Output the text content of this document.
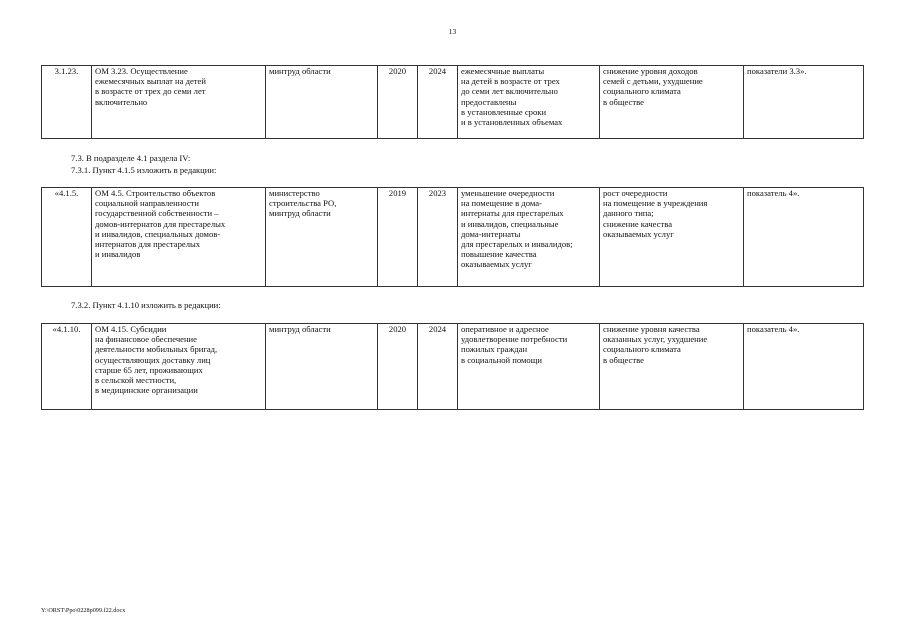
13
3.1.23.	ОМ 3.23. Осуществление
ежемесячных выплат на детей
в возрасте от трех до семи лет
включительно	минтруд области	2020	2024	ежемесячные выплаты
на детей в возрасте от трех
до семи лет включительно
предоставлены
в установленные сроки
и в установленных объемах	снижение уровня доходов
семей с детьми, ухудшение
социального климата
в обществе	показатели 3.3».
7.3. В подразделе 4.1 раздела IV:
7.3.1. Пункт 4.1.5 изложить в редакции:
«4.1.5.	ОМ 4.5. Строительство объектов
социальной направленности
государственной собственности –
домов-интернатов для престарелых
и инвалидов, специальных домов-
интернатов для престарелых
и инвалидов	министерство
строительства РО,
минтруд области	2019	2023	уменьшение очередности
на помещение в дома-
интернаты для престарелых
и инвалидов, специальные
дома-интернаты
для престарелых и инвалидов;
повышение качества
оказываемых услуг	рост очередности
на помещение в учреждения
данного типа;
снижение качества
оказываемых услуг	показатель 4».
7.3.2. Пункт 4.1.10 изложить в редакции:
«4.1.10.	ОМ 4.15. Субсидии
на финансовое обеспечение
деятельности мобильных бригад,
осуществляющих доставку лиц
старше 65 лет, проживающих
в сельской местности,
в медицинские организации	минтруд области	2020	2024	оперативное и адресное
удовлетворение потребности
пожилых граждан
в социальной помощи	снижение уровня качества
оказанных услуг, ухудшение
социального климата
в обществе	показатель 4».
Y:\ORST\Ppo\0228p099.f22.docx
